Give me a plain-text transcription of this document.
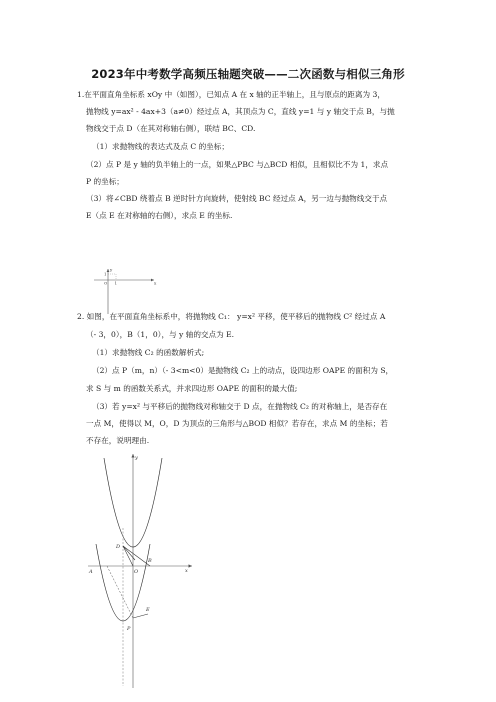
2023年中考数学高频压轴题突破——二次函数与相似三角形
1.在平面直角坐标系 xOy 中（如图），已知点 A 在 x 轴的正半轴上，且与原点的距离为 3，
抛物线 y=ax² - 4ax+3（a≠0）经过点 A，其顶点为 C，直线 y=1 与 y 轴交于点 B，与抛
物线交于点 D（在其对称轴右侧），联结 BC、CD.
（1）求抛物线的表达式及点 C 的坐标；
（2）点 P 是 y 轴的负半轴上的一点，如果△PBC 与△BCD 相似，且相似比不为 1，求点
P 的坐标；
（3）将∠CBD 绕着点 B 逆时针方向旋转，使射线 BC 经过点 A，另一边与抛物线交于点
E（点 E 在对称轴的右侧），求点 E 的坐标.
1
1
O	x
y
2. 如图，在平面直角坐标系中，将抛物线 C₁： y=x² 平移，使平移后的抛物线 C² 经过点 A
（- 3，0），B（1，0），与 y 轴的交点为 E.
（1）求抛物线 C₂ 的函数解析式;
（2）点 P（m，n）（- 3<m<0）是抛物线 C₂ 上的动点，设四边形 OAPE 的面积为 S，
求 S 与 m 的函数关系式，并求四边形 OAPE 的面积的最大值;
（3）若 y=x² 与平移后的抛物线对称轴交于 D 点，在抛物线 C₂ 的对称轴上，是否存在
一点 M，使得以 M，O，D 为顶点的三角形与△BOD 相似？若存在，求点 M 的坐标；若
不存在，说明理由.
D
A	O
B
E
P
x
y
